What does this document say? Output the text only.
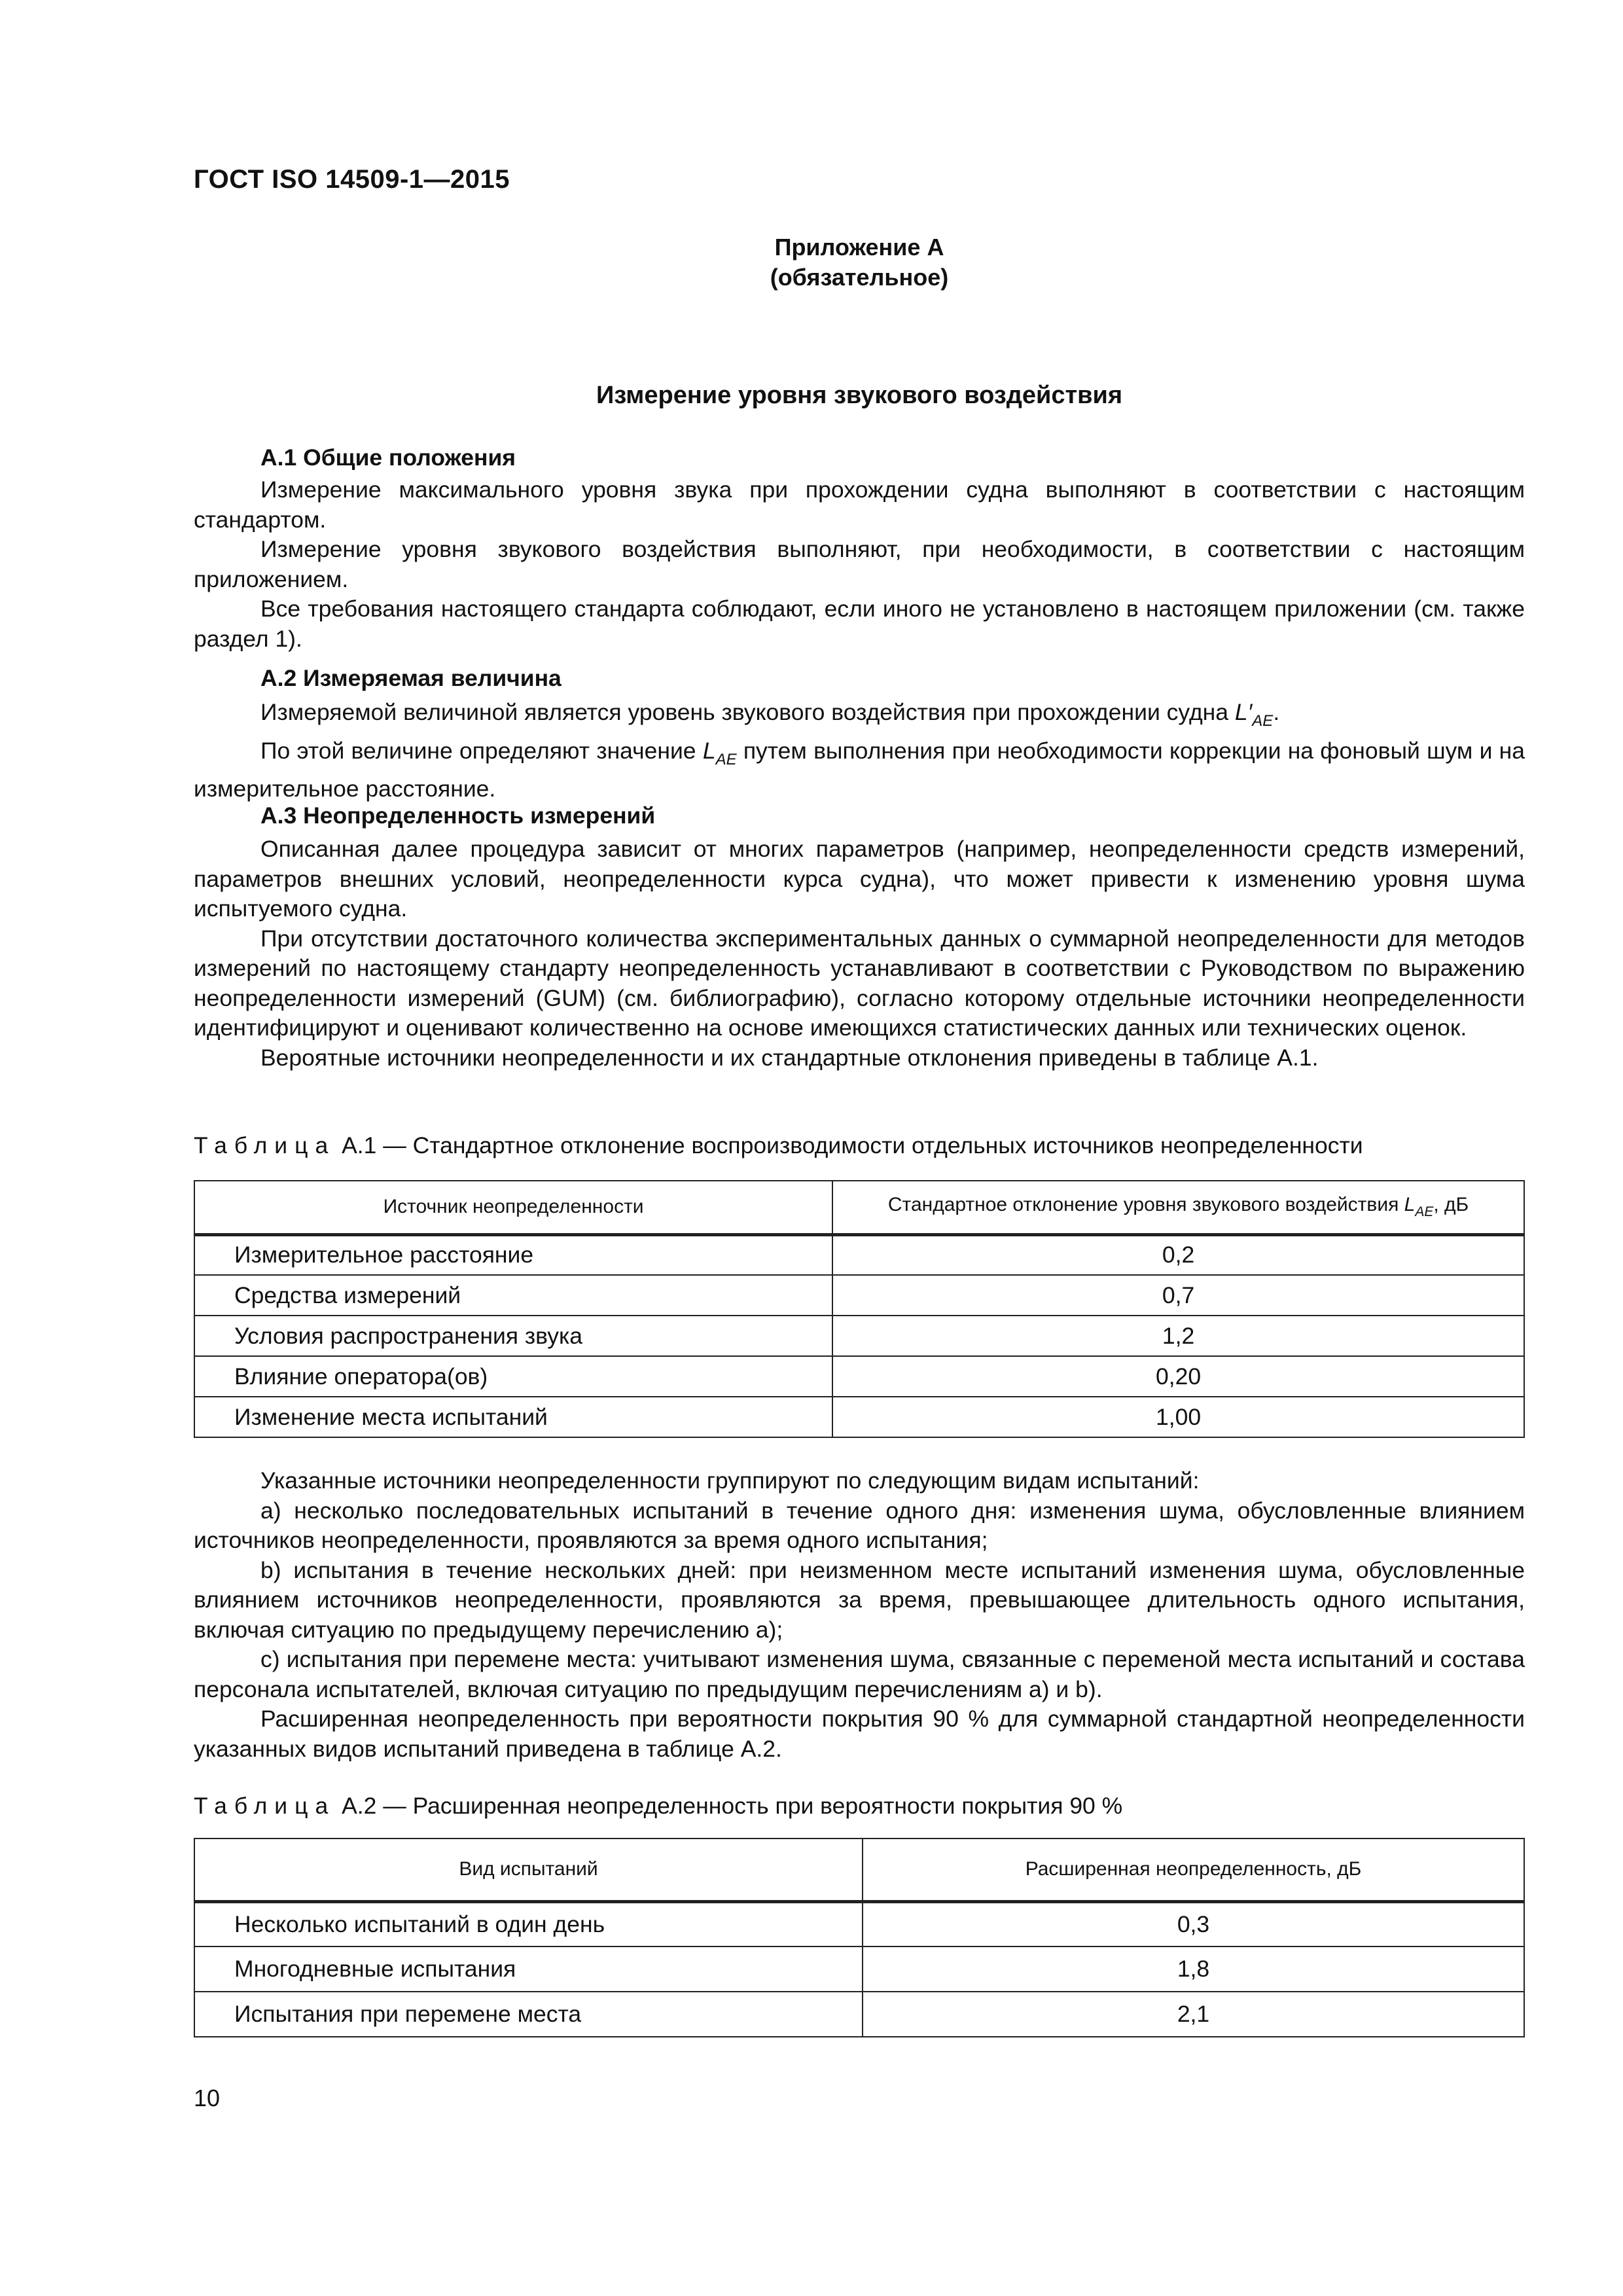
ГОСТ ISO 14509-1—2015
Приложение А
(обязательное)
Измерение уровня звукового воздействия
А.1 Общие положения

Измерение максимального уровня звука при прохождении судна выполняют в соответствии с настоящим стандартом.

Измерение уровня звукового воздействия выполняют, при необходимости, в соответствии с настоящим приложением.

Все требования настоящего стандарта соблюдают, если иного не установлено в настоящем приложении (см. также раздел 1).

А.2 Измеряемая величина

Измеряемой величиной является уровень звукового воздействия при прохождении судна $L'_{AE}$.

По этой величине определяют значение $L_{AE}$ путем выполнения при необходимости коррекции на фоновый шум и на измерительное расстояние.

А.3 Неопределенность измерений

Описанная далее процедура зависит от многих параметров (например, неопределенности средств измерений, параметров внешних условий, неопределенности курса судна), что может привести к изменению уровня шума испытуемого судна.

При отсутствии достаточного количества экспериментальных данных о суммарной неопределенности для методов измерений по настоящему стандарту неопределенность устанавливают в соответствии с Руководством по выражению неопределенности измерений (GUM) (см. библиографию), согласно которому отдельные источники неопределенности идентифицируют и оценивают количественно на основе имеющихся статистических данных или технических оценок.

Вероятные источники неопределенности и их стандартные отклонения приведены в таблице А.1.

Таблица А.1 — Стандартное отклонение воспроизводимости отдельных источников неопределенности
Источник неопределенности	Стандартное отклонение уровня звукового воздействия $L_{AE}$, дБ
Измерительное расстояние	0,2
Средства измерений	0,7
Условия распространения звука	1,2
Влияние оператора(ов)	0,20
Изменение места испытаний	1,00

Указанные источники неопределенности группируют по следующим видам испытаний:

а) несколько последовательных испытаний в течение одного дня: изменения шума, обусловленные влиянием источников неопределенности, проявляются за время одного испытания;

b) испытания в течение нескольких дней: при неизменном месте испытаний изменения шума, обусловленные влиянием источников неопределенности, проявляются за время, превышающее длительность одного испытания, включая ситуацию по предыдущему перечислению а);

c) испытания при перемене места: учитывают изменения шума, связанные с переменой места испытаний и состава персонала испытателей, включая ситуацию по предыдущим перечислениям а) и b).

Расширенная неопределенность при вероятности покрытия 90 % для суммарной стандартной неопределенности указанных видов испытаний приведена в таблице А.2.

Таблица А.2 — Расширенная неопределенность при вероятности покрытия 90 %
Вид испытаний	Расширенная неопределенность, дБ
Несколько испытаний в один день	0,3
Многодневные испытания	1,8
Испытания при перемене места	2,1
10
